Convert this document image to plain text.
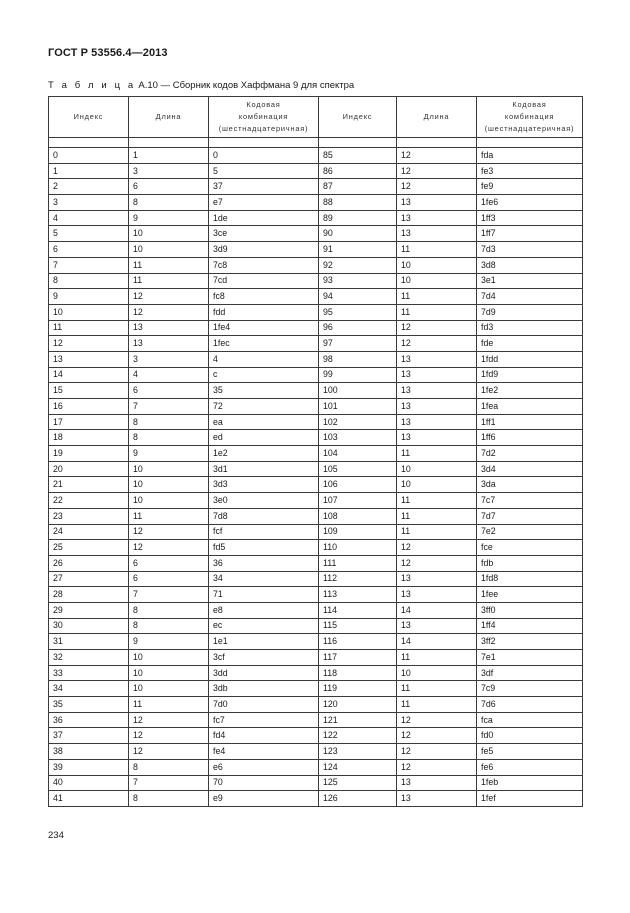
ГОСТ Р 53556.4—2013
Т а б л и ц а А.10 — Сборник кодов Хаффмана 9 для спектра
Индекс	Длина	Кодовая
комбинация
(шестнадцатеричная)	Индекс	Длина	Кодовая
комбинация
(шестнадцатеричная)

0	1	0	85	12	fda
1	3	5	86	12	fe3
2	6	37	87	12	fe9
3	8	e7	88	13	1fe6
4	9	1de	89	13	1ff3
5	10	3ce	90	13	1ff7
6	10	3d9	91	11	7d3
7	11	7c8	92	10	3d8
8	11	7cd	93	10	3e1
9	12	fc8	94	11	7d4
10	12	fdd	95	11	7d9
11	13	1fe4	96	12	fd3
12	13	1fec	97	12	fde
13	3	4	98	13	1fdd
14	4	c	99	13	1fd9
15	6	35	100	13	1fe2
16	7	72	101	13	1fea
17	8	ea	102	13	1ff1
18	8	ed	103	13	1ff6
19	9	1e2	104	11	7d2
20	10	3d1	105	10	3d4
21	10	3d3	106	10	3da
22	10	3e0	107	11	7c7
23	11	7d8	108	11	7d7
24	12	fcf	109	11	7e2
25	12	fd5	110	12	fce
26	6	36	111	12	fdb
27	6	34	112	13	1fd8
28	7	71	113	13	1fee
29	8	e8	114	14	3ff0
30	8	ec	115	13	1ff4
31	9	1e1	116	14	3ff2
32	10	3cf	117	11	7e1
33	10	3dd	118	10	3df
34	10	3db	119	11	7c9
35	11	7d0	120	11	7d6
36	12	fc7	121	12	fca
37	12	fd4	122	12	fd0
38	12	fe4	123	12	fe5
39	8	e6	124	12	fe6
40	7	70	125	13	1feb
41	8	e9	126	13	1fef
234
